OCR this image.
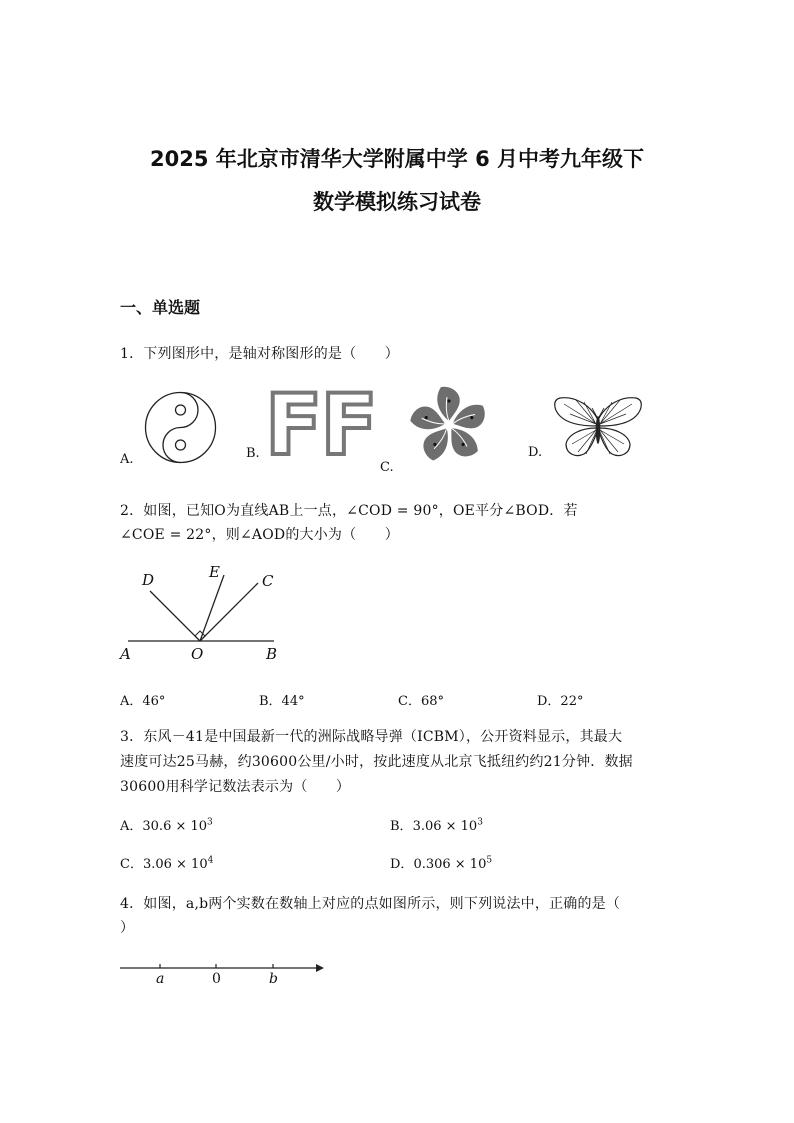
2025 年北京市清华大学附属中学 6 月中考九年级下
数学模拟练习试卷
一、单选题
1．下列图形中，是轴对称图形的是（　　）
A.	B. FF C.
D.
2．如图，已知O为直线AB上一点，∠COD = 90°，OE平分∠BOD．若
∠COE = 22°，则∠AOD的大小为（　　）
D	E	C
A	O	B
A．46°	B．44°	C．68°	D．22°
3．东风－41是中国最新一代的洲际战略导弹（ICBM），公开资料显示，其最大
速度可达25马赫，约30600公里/小时，按此速度从北京飞抵纽约约21分钟．数据
30600用科学记数法表示为（　　）
A．$30.6 \times 10^3$	B．$3.06 \times 10^3$
C．$3.06 \times 10^4$	D．$0.306 \times 10^5$
4．如图，a,b两个实数在数轴上对应的点如图所示，则下列说法中，正确的是（
）
a	0	b
